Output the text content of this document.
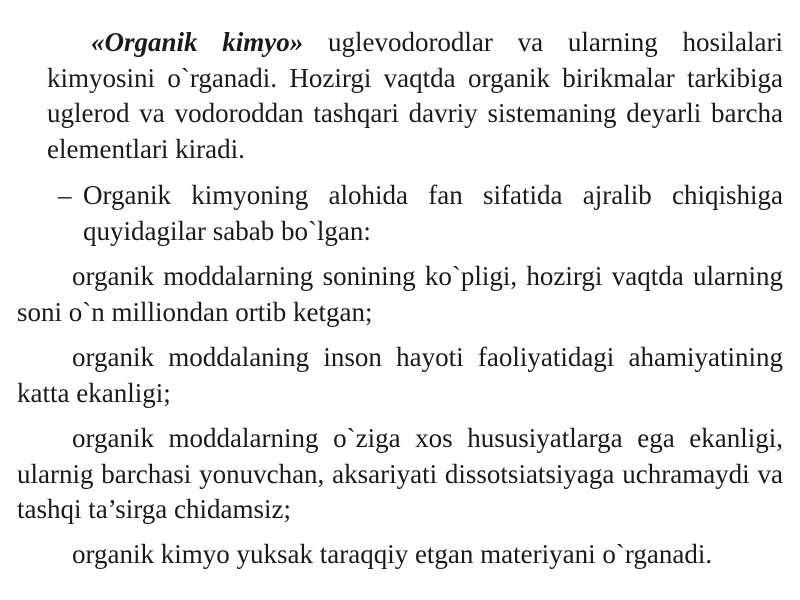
«Organik kimyo» uglevodorodlar va ularning hosilalari kimyosini o`rganadi. Hozirgi vaqtda organik birikmalar tarkibiga uglerod va vodoroddan tashqari davriy sistemaning deyarli barcha elementlari kiradi.

– Organik kimyoning alohida fan sifatida ajralib chiqishiga quyidagilar sabab bo`lgan:

organik moddalarning sonining ko`pligi, hozirgi vaqtda ularning soni o`n milliondan ortib ketgan;

organik moddalaning inson hayoti faoliyatidagi ahamiyatining katta ekanligi;

organik moddalarning o`ziga xos hususiyatlarga ega ekanligi, ularnig barchasi yonuvchan, aksariyati dissotsiatsiyaga uchramaydi va tashqi ta’sirga chidamsiz;

organik kimyo yuksak taraqqiy etgan materiyani o`rganadi.
